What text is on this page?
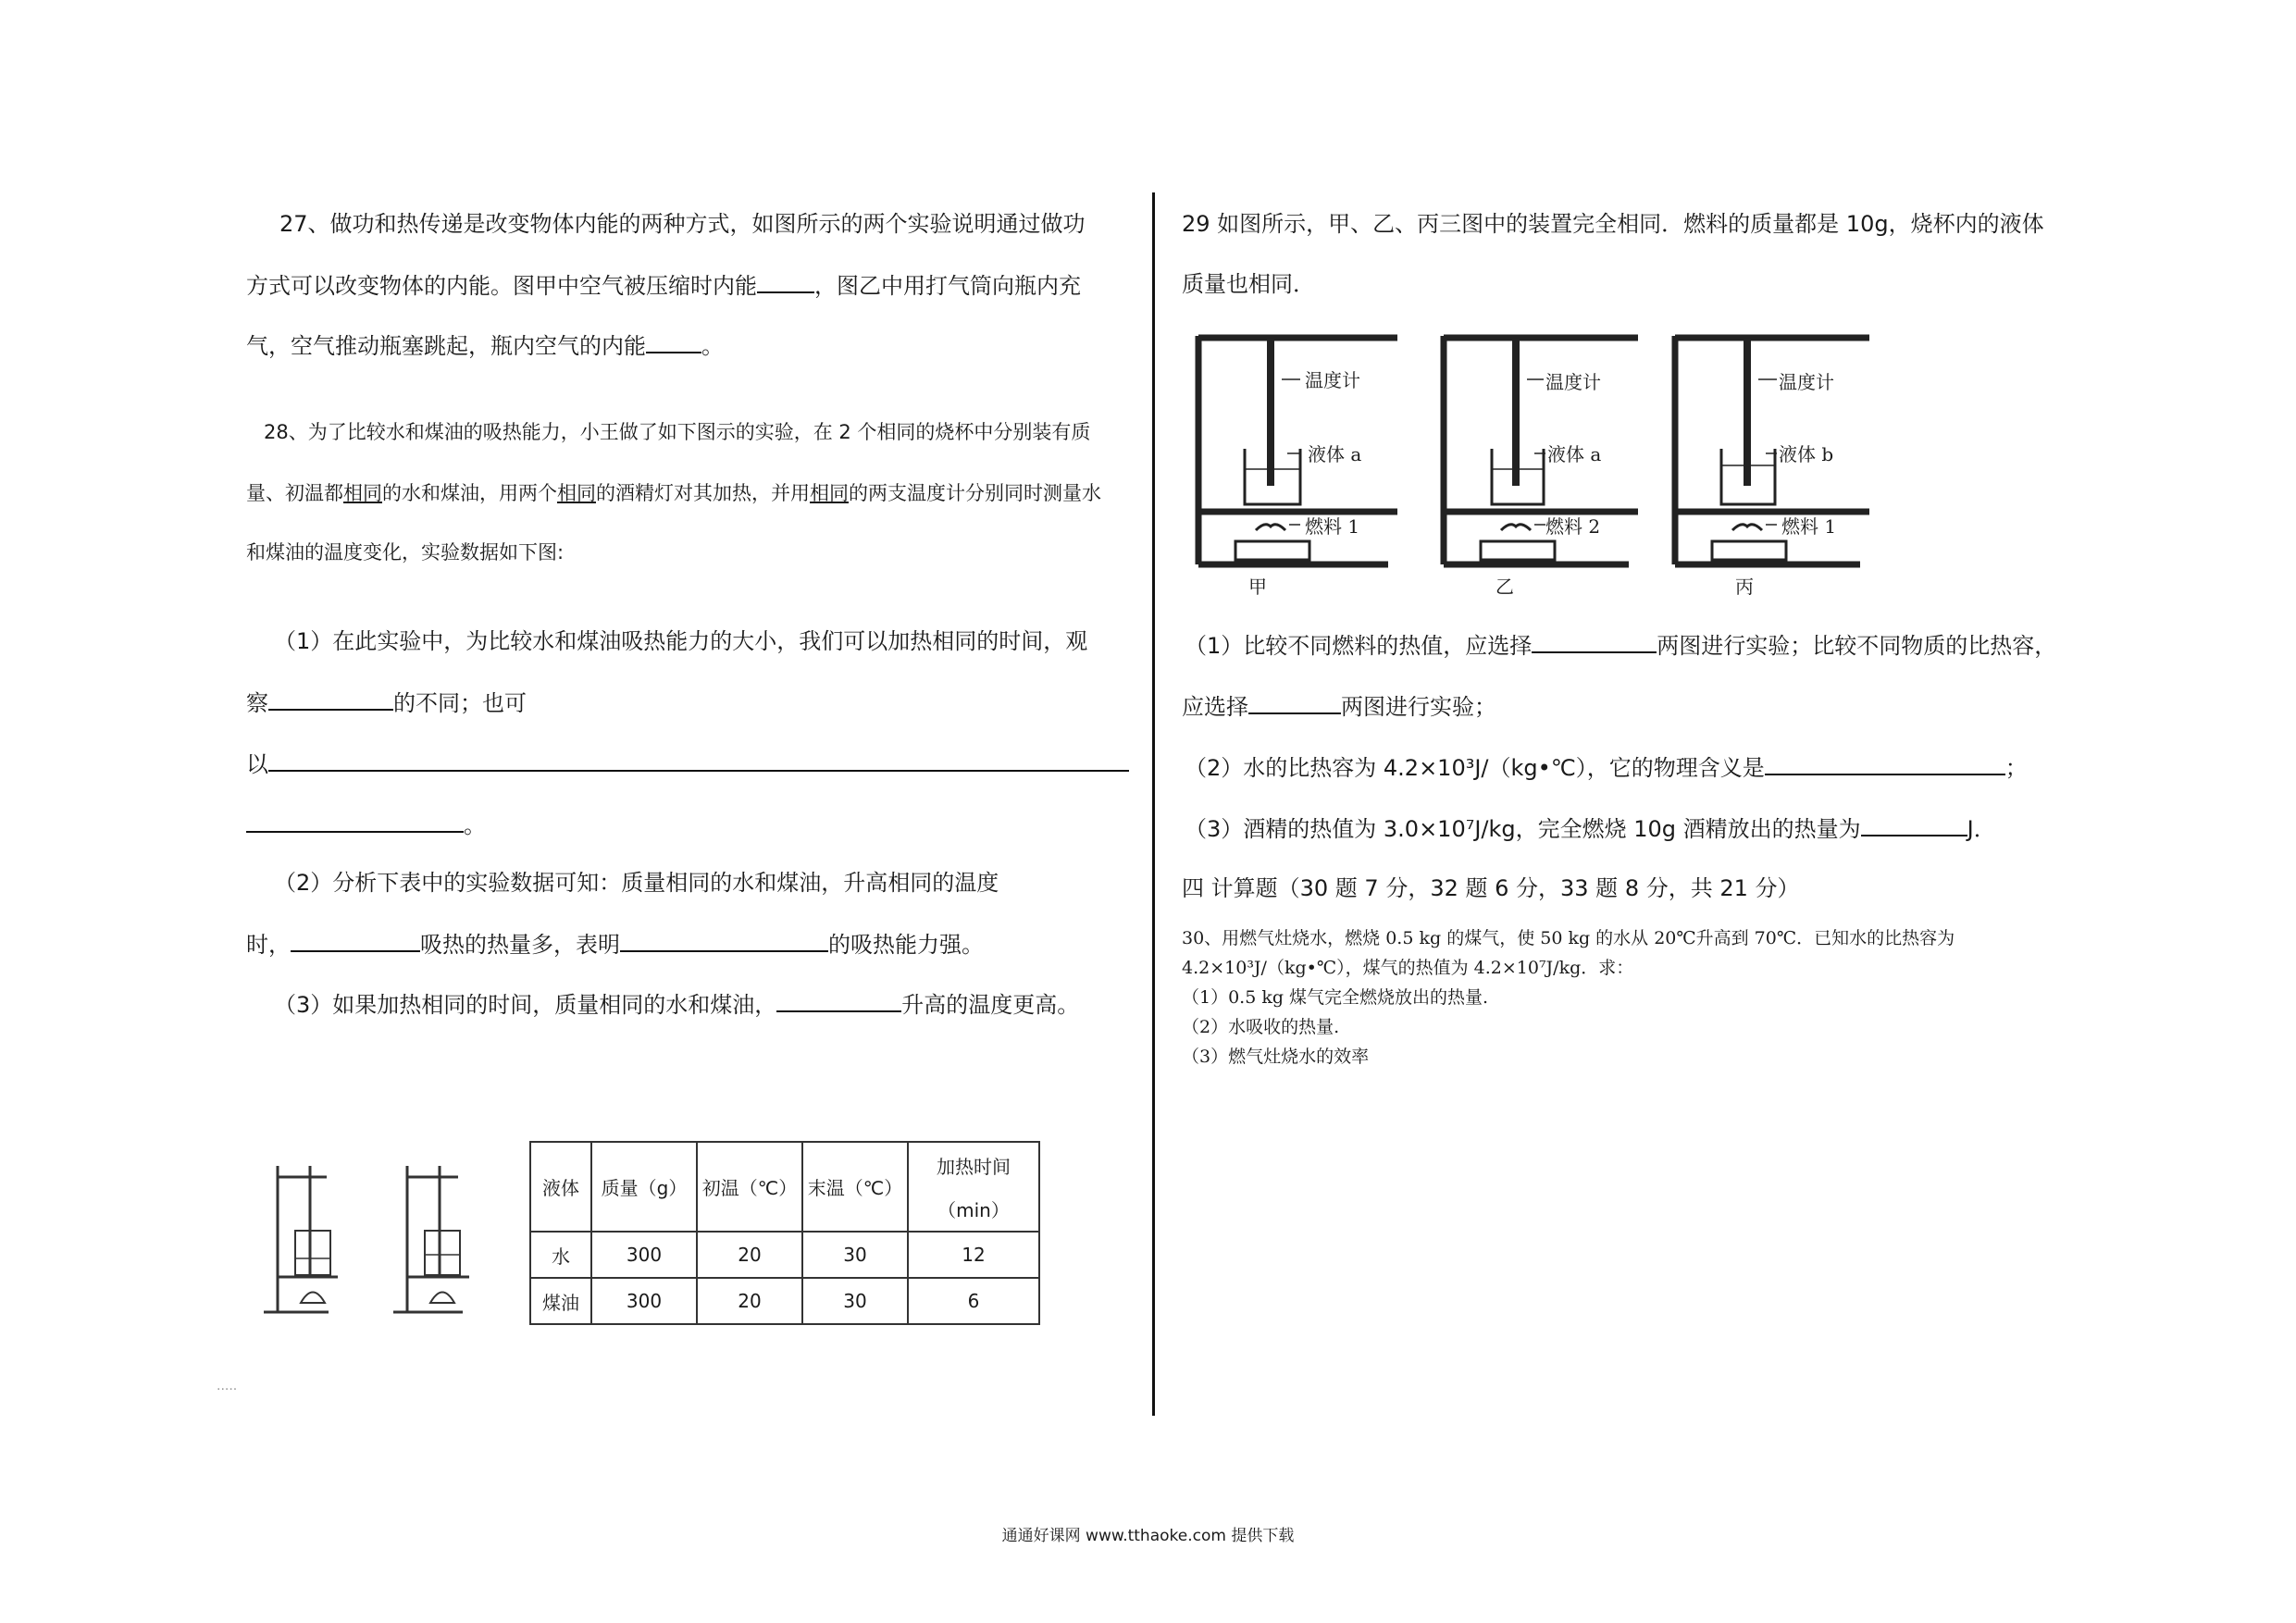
27、做功和热传递是改变物体内能的两种方式，如图所示的两个实验说明通过做功
方式可以改变物体的内能。图甲中空气被压缩时内能	，图乙中用打气筒向瓶内充
气，空气推动瓶塞跳起，瓶内空气的内能	。
28、为了比较水和煤油的吸热能力，小王做了如下图示的实验，在 2 个相同的烧杯中分别装有质
量、初温都相同的水和煤油，用两个相同的酒精灯对其加热，并用相同的两支温度计分别同时测量水
和煤油的温度变化，实验数据如下图:
（1）在此实验中，为比较水和煤油吸热能力的大小，我们可以加热相同的时间，观
察	的不同；也可
以
。
（2）分析下表中的实验数据可知：质量相同的水和煤油，升高相同的温度
时，	吸热的热量多，表明	的吸热能力强。
（3）如果加热相同的时间，质量相同的水和煤油，	升高的温度更高。
液体	质量（g）	初温（℃）	末温（℃）	加热时间
（min）

水	300	20	30	12
煤油	300	20	30	6
.....
29 如图所示，甲、乙、丙三图中的装置完全相同．燃料的质量都是 10g，烧杯内的液体
质量也相同．
温度计
液体 a
燃料 1
甲
温度计
液体 a
燃料 2
乙
温度计
液体 b
燃料 1
丙
（1）比较不同燃料的热值，应选择	两图进行实验；比较不同物质的比热容，
应选择	两图进行实验；
（2）水的比热容为 4.2×10³J/（kg•℃），它的物理含义是	；
（3）酒精的热值为 3.0×10⁷J/kg，完全燃烧 10g 酒精放出的热量为	J．
四 计算题（30 题 7 分，32 题 6 分，33 题 8 分，共 21 分）
30、用燃气灶烧水，燃烧 0.5 kg 的煤气，使 50 kg 的水从 20℃升高到 70℃．已知水的比热容为
4.2×10³J/（kg•℃），煤气的热值为 4.2×10⁷J/kg．求：
（1）0.5 kg 煤气完全燃烧放出的热量.
（2）水吸收的热量.
（3）燃气灶烧水的效率
通通好课网 www.tthaoke.com 提供下载
